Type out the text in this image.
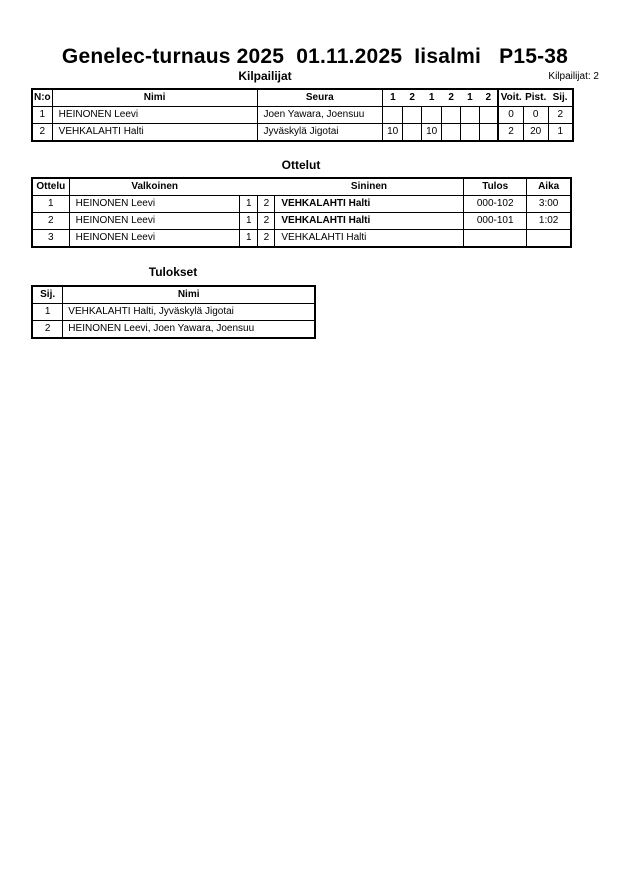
Genelec-turnaus 2025  01.11.2025  Iisalmi   P15-38
Kilpailijat	Kilpailijat: 2
N:o	Nimi	Seura	1	2	1	2	1	2	Voit.	Pist.	Sij.
1	HEINONEN Leevi	Joen Yawara, Joensuu							0	0	2
2	VEHKALAHTI Halti	Jyväskylä Jigotai	10		10				2	20	1
Ottelut
Ottelu	Valkoinen			Sininen	Tulos	Aika
1	HEINONEN Leevi	1	2	VEHKALAHTI Halti	000-102	3:00
2	HEINONEN Leevi	1	2	VEHKALAHTI Halti	000-101	1:02
3	HEINONEN Leevi	1	2	VEHKALAHTI Halti		
Tulokset
Sij.	Nimi
1	VEHKALAHTI Halti, Jyväskylä Jigotai
2	HEINONEN Leevi, Joen Yawara, Joensuu
